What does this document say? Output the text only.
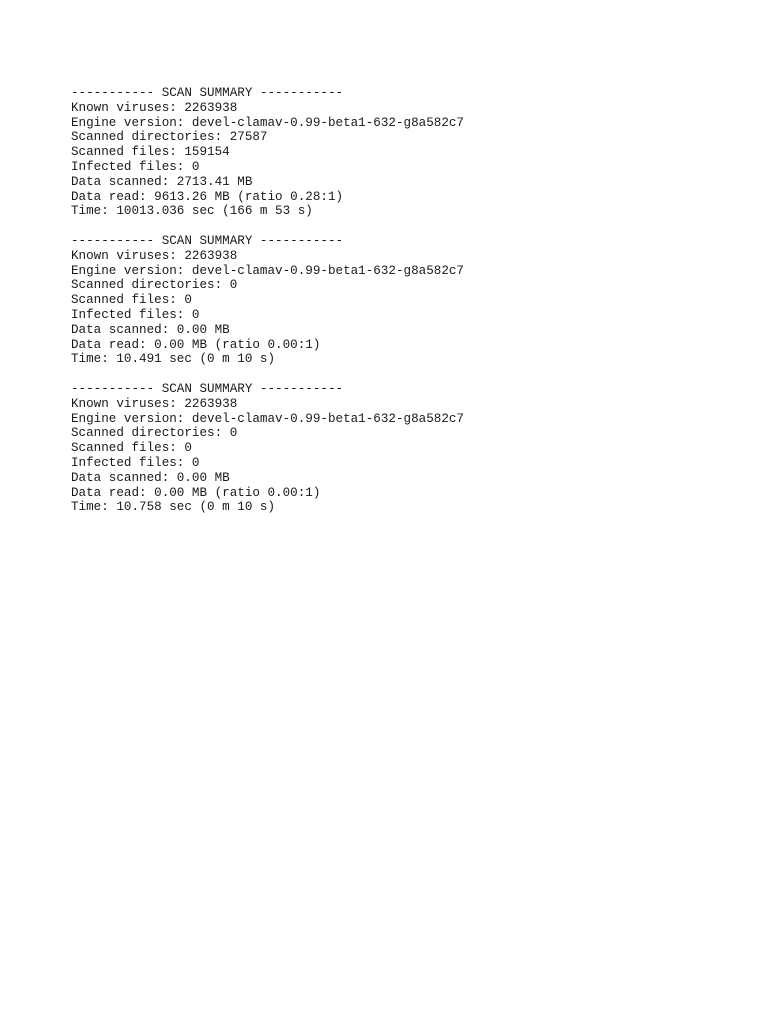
----------- SCAN SUMMARY -----------
Known viruses: 2263938
Engine version: devel-clamav-0.99-beta1-632-g8a582c7
Scanned directories: 27587
Scanned files: 159154
Infected files: 0
Data scanned: 2713.41 MB
Data read: 9613.26 MB (ratio 0.28:1)
Time: 10013.036 sec (166 m 53 s)
----------- SCAN SUMMARY -----------
Known viruses: 2263938
Engine version: devel-clamav-0.99-beta1-632-g8a582c7
Scanned directories: 0
Scanned files: 0
Infected files: 0
Data scanned: 0.00 MB
Data read: 0.00 MB (ratio 0.00:1)
Time: 10.491 sec (0 m 10 s)
----------- SCAN SUMMARY -----------
Known viruses: 2263938
Engine version: devel-clamav-0.99-beta1-632-g8a582c7
Scanned directories: 0
Scanned files: 0
Infected files: 0
Data scanned: 0.00 MB
Data read: 0.00 MB (ratio 0.00:1)
Time: 10.758 sec (0 m 10 s)
